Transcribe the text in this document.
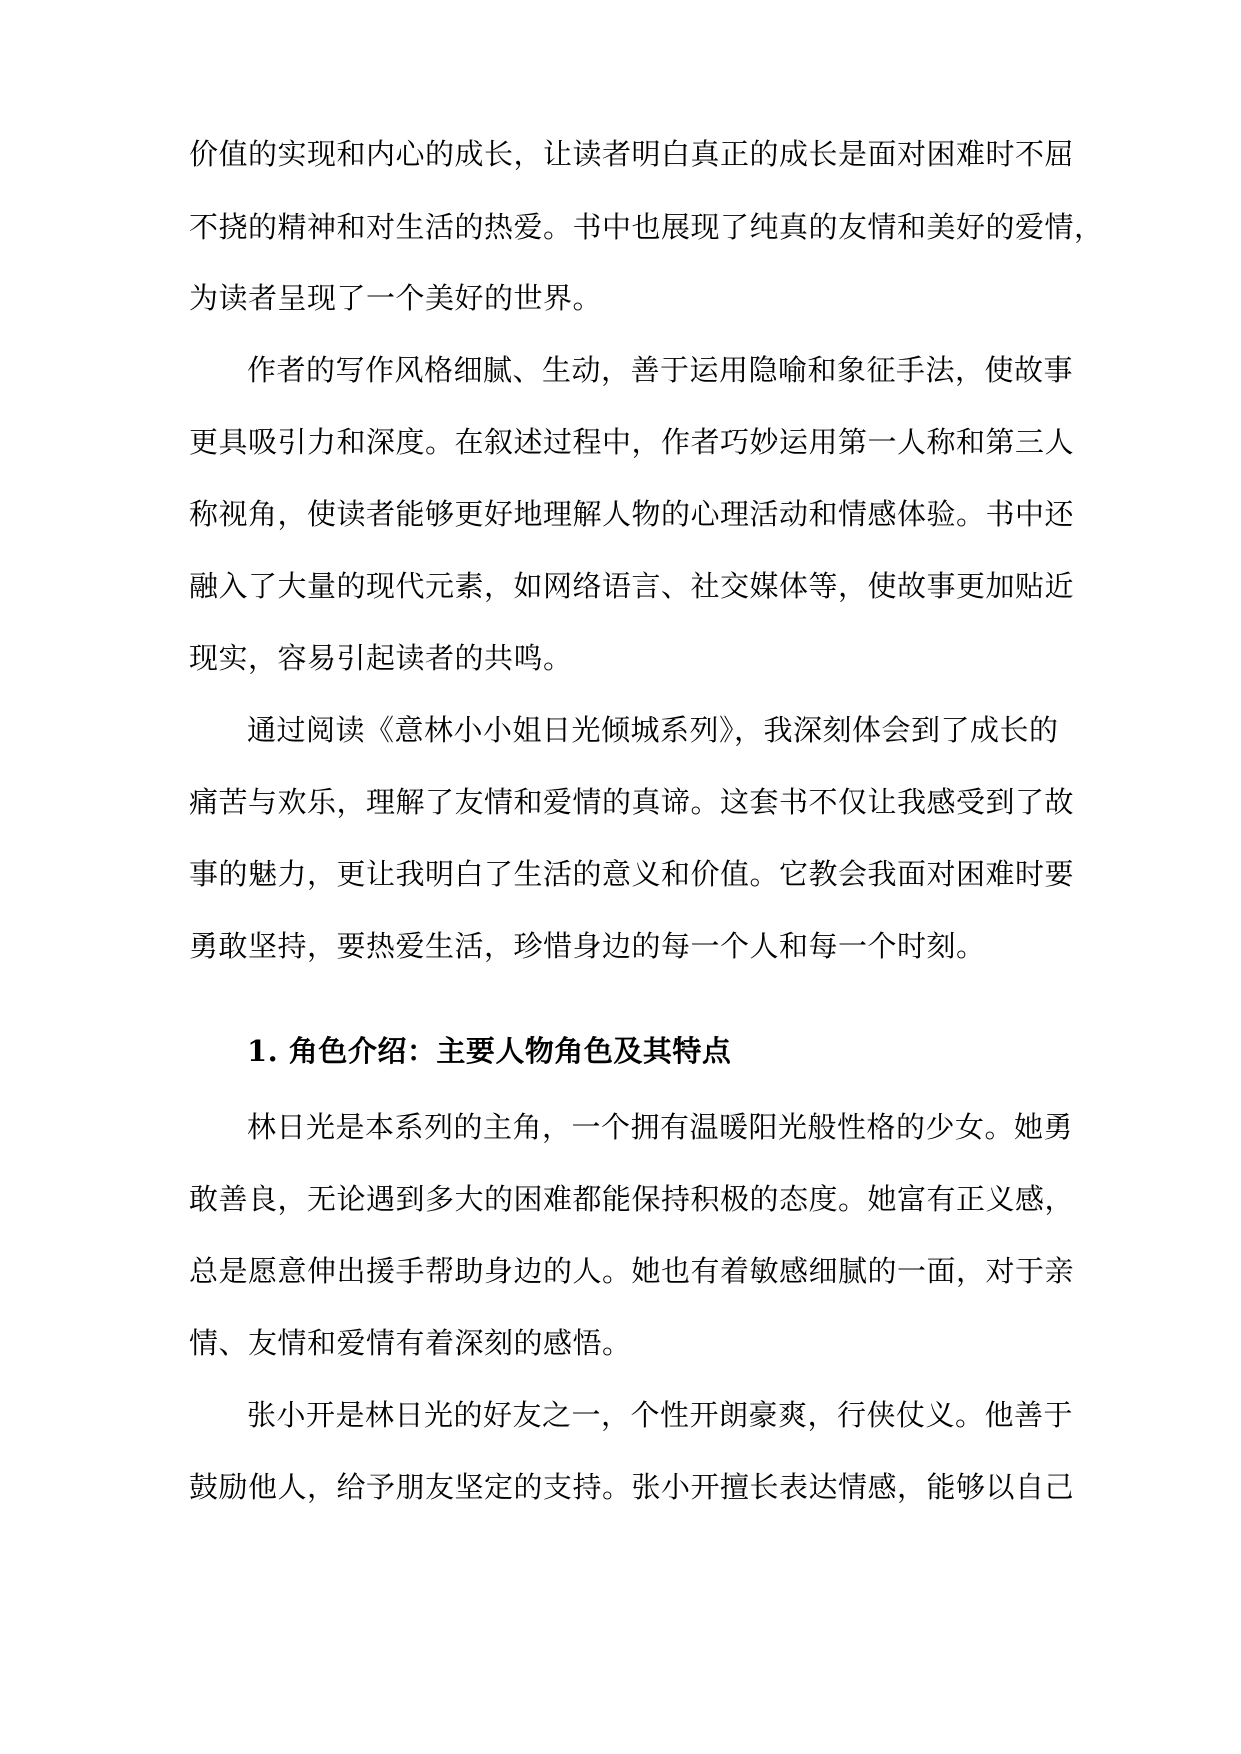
价值的实现和内心的成长，让读者明白真正的成长是面对困难时不屈
不挠的精神和对生活的热爱。书中也展现了纯真的友情和美好的爱情，
为读者呈现了一个美好的世界。
作者的写作风格细腻、生动，善于运用隐喻和象征手法，使故事
更具吸引力和深度。在叙述过程中，作者巧妙运用第一人称和第三人
称视角，使读者能够更好地理解人物的心理活动和情感体验。书中还
融入了大量的现代元素，如网络语言、社交媒体等，使故事更加贴近
现实，容易引起读者的共鸣。
通过阅读《意林小小姐日光倾城系列》，我深刻体会到了成长的
痛苦与欢乐，理解了友情和爱情的真谛。这套书不仅让我感受到了故
事的魅力，更让我明白了生活的意义和价值。它教会我面对困难时要
勇敢坚持，要热爱生活，珍惜身边的每一个人和每一个时刻。
1. 角色介绍：主要人物角色及其特点
林日光是本系列的主角，一个拥有温暖阳光般性格的少女。她勇
敢善良，无论遇到多大的困难都能保持积极的态度。她富有正义感，
总是愿意伸出援手帮助身边的人。她也有着敏感细腻的一面，对于亲
情、友情和爱情有着深刻的感悟。
张小开是林日光的好友之一，个性开朗豪爽，行侠仗义。他善于
鼓励他人，给予朋友坚定的支持。张小开擅长表达情感，能够以自己
